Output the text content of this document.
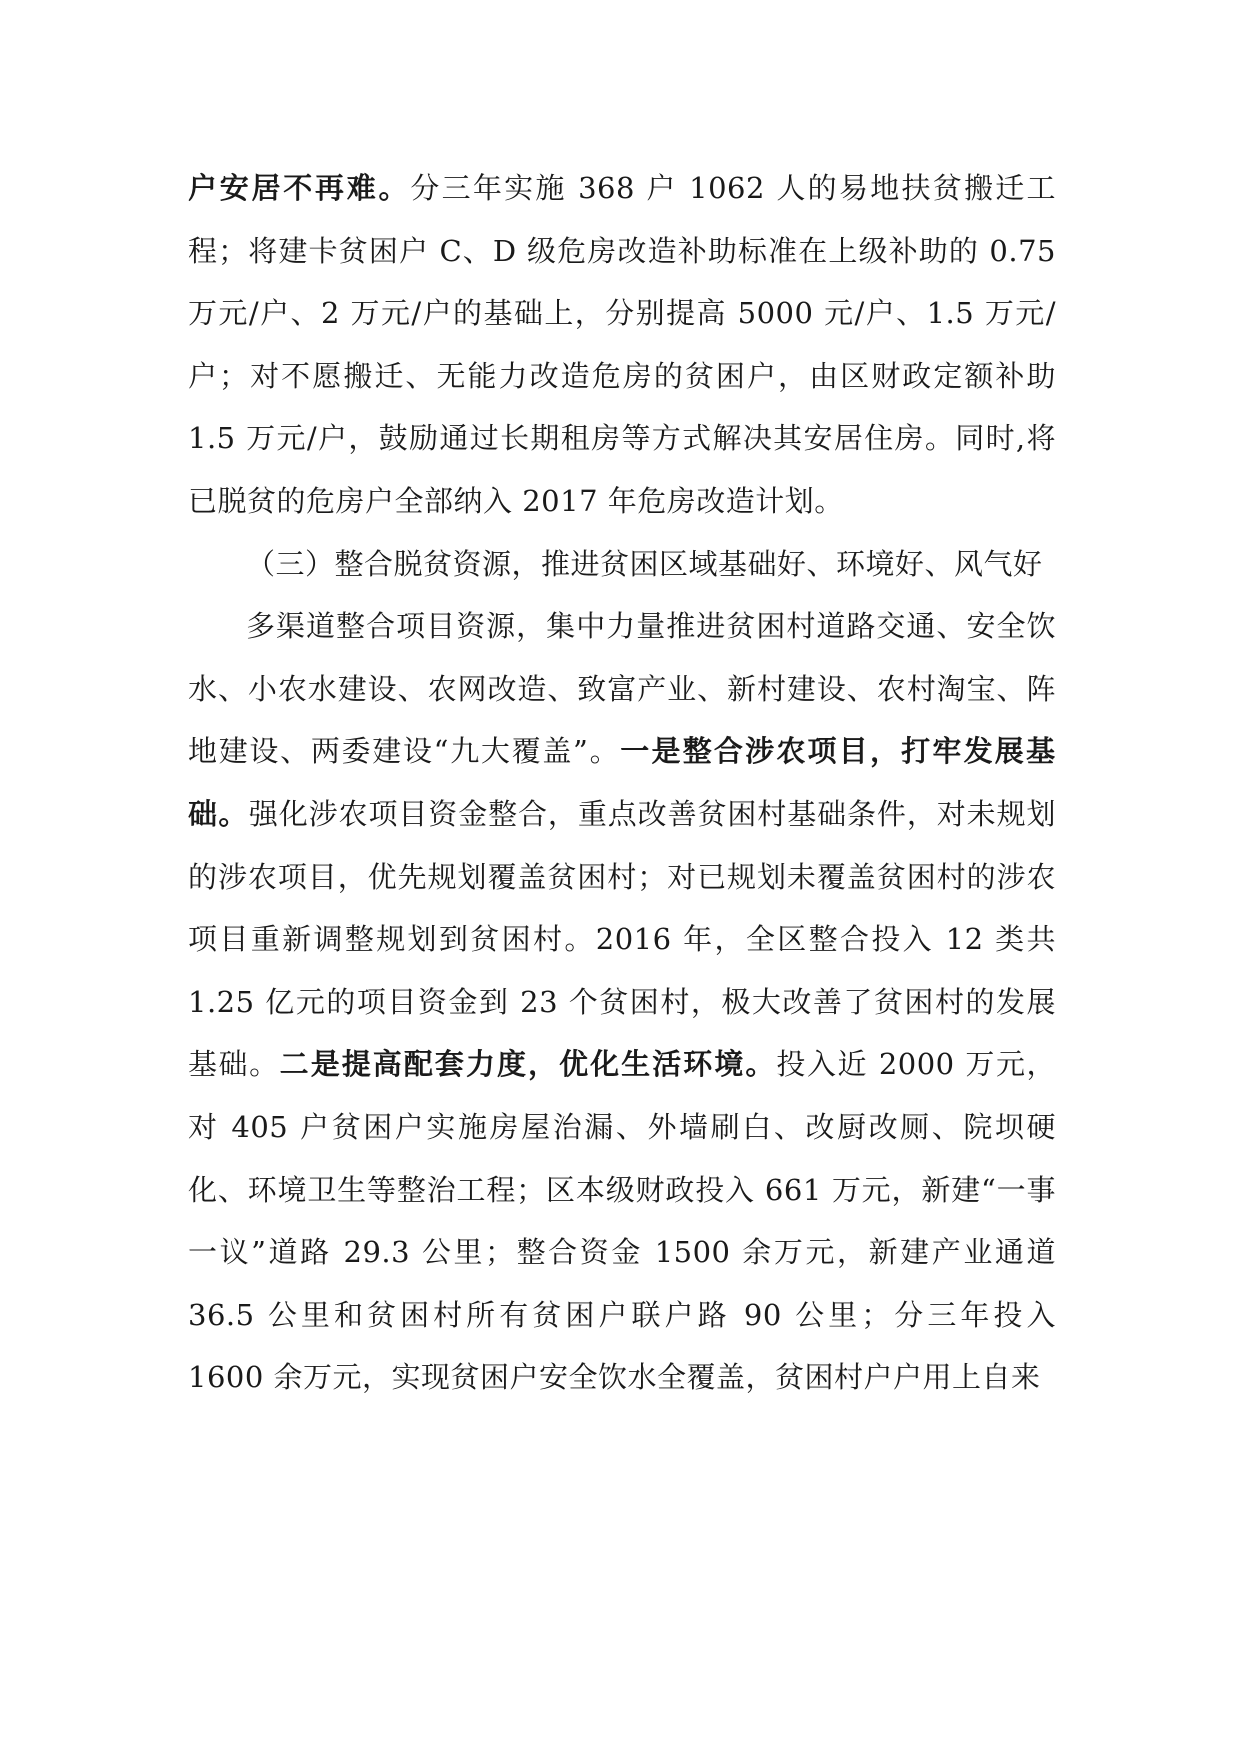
户安居不再难。分三年实施 368 户 1062 人的易地扶贫搬迁工程；将建卡贫困户 C、D 级危房改造补助标准在上级补助的 0.75 万元/户、2 万元/户的基础上，分别提高 5000 元/户、1.5 万元/户；对不愿搬迁、无能力改造危房的贫困户，由区财政定额补助 1.5 万元/户，鼓励通过长期租房等方式解决其安居住房。同时,将已脱贫的危房户全部纳入 2017 年危房改造计划。

（三）整合脱贫资源，推进贫困区域基础好、环境好、风气好

多渠道整合项目资源，集中力量推进贫困村道路交通、安全饮水、小农水建设、农网改造、致富产业、新村建设、农村淘宝、阵地建设、两委建设“九大覆盖”。一是整合涉农项目，打牢发展基础。强化涉农项目资金整合，重点改善贫困村基础条件，对未规划的涉农项目，优先规划覆盖贫困村；对已规划未覆盖贫困村的涉农项目重新调整规划到贫困村。2016 年，全区整合投入 12 类共 1.25 亿元的项目资金到 23 个贫困村，极大改善了贫困村的发展基础。二是提高配套力度，优化生活环境。投入近 2000 万元，对 405 户贫困户实施房屋治漏、外墙刷白、改厨改厕、院坝硬化、环境卫生等整治工程；区本级财政投入 661 万元，新建“一事一议”道路 29.3 公里；整合资金 1500 余万元，新建产业通道 36.5 公里和贫困村所有贫困户联户路 90 公里；分三年投入 1600 余万元，实现贫困户安全饮水全覆盖，贫困村户户用上自来
